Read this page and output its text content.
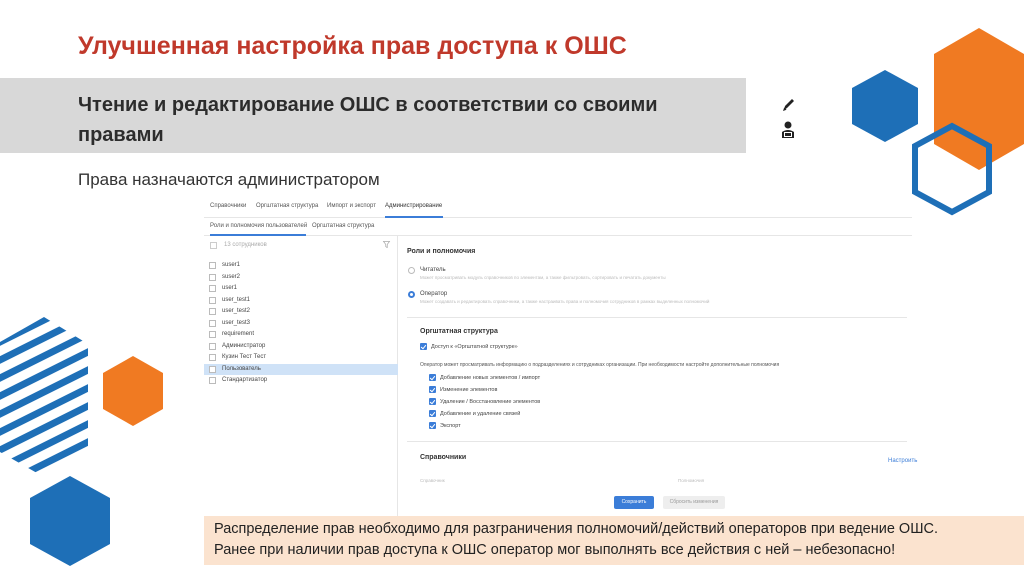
Улучшенная настройка прав доступа к ОШС
Чтение и редактирование ОШС в соответствии со своими правами
Права назначаются администратором
Справочники Оргштатная структура Импорт и экспорт Администрирование
Роли и полномочия пользователей Оргштатная структура
13 сотрудников
suser1
suser2
user1
user_test1
user_test2
user_test3
requirement
Администратор
Кузин Тест Тест
Пользователь
Стандартизатор
Роли и полномочия
Читатель
Может просматривать модуль справочников по элементам, а также фильтровать, сортировать и печатать документы
Оператор
Может создавать и редактировать справочники, а также настраивать права и полномочия сотрудников в рамках выделенных полномочий
Оргштатная структура
Доступ к «Оргштатной структуре»
Оператор может просматривать информацию о подразделениях и сотрудниках организации. При необходимости настройте дополнительные полномочия
Добавление новых элементов / импорт
Изменение элементов
Удаление / Восстановление элементов
Добавление и удаление связей
Экспорт
Справочники	Настроить
Справочник	Полномочия
Сохранить	Сбросить изменения
Распределение прав необходимо для разграничения полномочий/действий операторов при ведение ОШС.
Ранее при наличии прав доступа к ОШС оператор мог выполнять все действия с ней – небезопасно!
